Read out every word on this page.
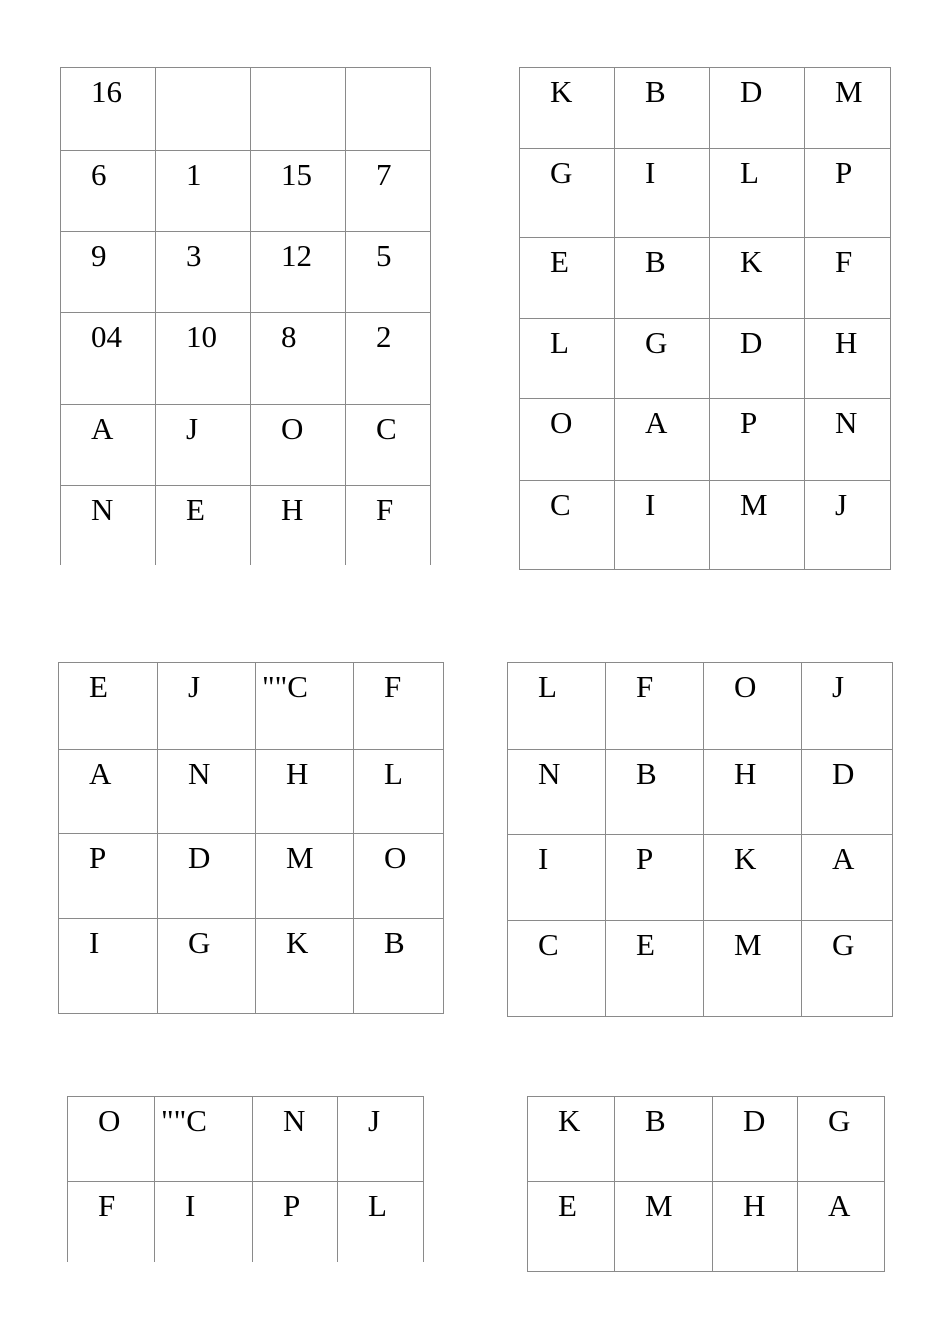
16			

6	1	15	7

9	3	12	5

04	10	8	2

A	J	O	C

N	E	H	F
K	B	D	M

G	I	L	P

E	B	K	F

L	G	D	H

O	A	P	N

C	I	M	J
E	J	""C	F

A	N	H	L

P	D	M	O

I	G	K	B
L	F	O	J

N	B	H	D

I	P	K	A

C	E	M	G
O	""C	N	J

F	I	P	L
K	B	D	G

E	M	H	A
